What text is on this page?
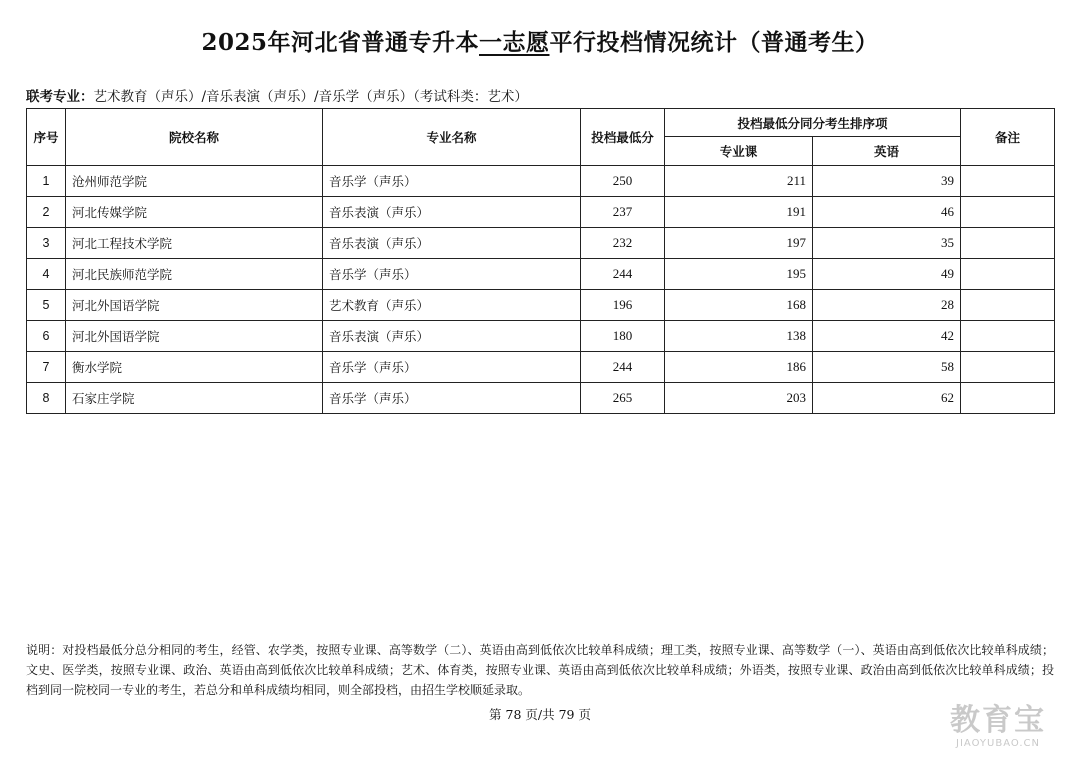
2025年河北省普通专升本一志愿平行投档情况统计（普通考生）
联考专业：艺术教育（声乐）/音乐表演（声乐）/音乐学（声乐）（考试科类：艺术）
序号	院校名称	专业名称	投档最低分	投档最低分同分考生排序项		备注
				专业课	英语	
1	沧州师范学院	音乐学（声乐）	250	211	39	
2	河北传媒学院	音乐表演（声乐）	237	191	46	
3	河北工程技术学院	音乐表演（声乐）	232	197	35	
4	河北民族师范学院	音乐学（声乐）	244	195	49	
5	河北外国语学院	艺术教育（声乐）	196	168	28	
6	河北外国语学院	音乐表演（声乐）	180	138	42	
7	衡水学院	音乐学（声乐）	244	186	58	
8	石家庄学院	音乐学（声乐）	265	203	62	
说明：对投档最低分总分相同的考生，经管、农学类，按照专业课、高等数学（二）、英语由高到低依次比较单科成绩；理工类，按照专业课、高等数学（一）、英语由高到低依次比较单科成绩；文史、医学类，按照专业课、政治、英语由高到低依次比较单科成绩；艺术、体育类，按照专业课、英语由高到低依次比较单科成绩；外语类，按照专业课、政治由高到低依次比较单科成绩；投档到同一院校同一专业的考生，若总分和单科成绩均相同，则全部投档，由招生学校顺延录取。
第 78 页/共 79 页	教育宝
JIAOYUBAO.CN
